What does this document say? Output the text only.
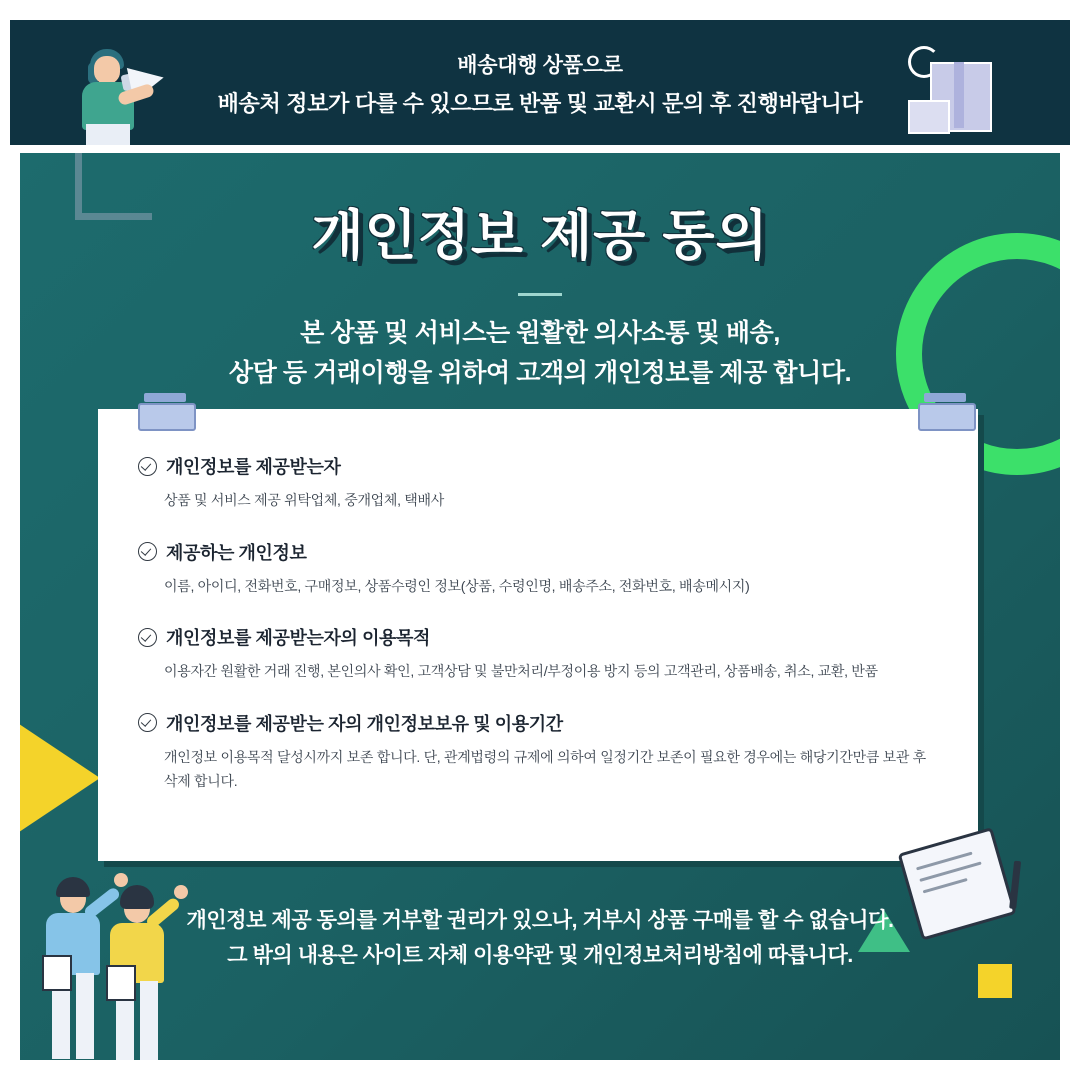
배송대행 상품으로
배송처 정보가 다를 수 있으므로 반품 및 교환시 문의 후 진행바랍니다
개인정보 제공 동의
본 상품 및 서비스는 원활한 의사소통 및 배송,
상담 등 거래이행을 위하여 고객의 개인정보를 제공 합니다.
개인정보를 제공받는자
상품 및 서비스 제공 위탁업체, 중개업체, 택배사
제공하는 개인정보
이름, 아이디, 전화번호, 구매정보, 상품수령인 정보(상품, 수령인명, 배송주소, 전화번호, 배송메시지)
개인정보를 제공받는자의 이용목적
이용자간 원활한 거래 진행, 본인의사 확인, 고객상담 및 불만처리/부정이용 방지 등의 고객관리, 상품배송, 취소, 교환, 반품
개인정보를 제공받는 자의 개인정보보유 및 이용기간
개인정보 이용목적 달성시까지 보존 합니다. 단, 관계법령의 규제에 의하여 일정기간 보존이 필요한 경우에는 해당기간만큼 보관 후 삭제 합니다.
개인정보 제공 동의를 거부할 권리가 있으나, 거부시 상품 구매를 할 수 없습니다.
그 밖의 내용은 사이트 자체 이용약관 및 개인정보처리방침에 따릅니다.
